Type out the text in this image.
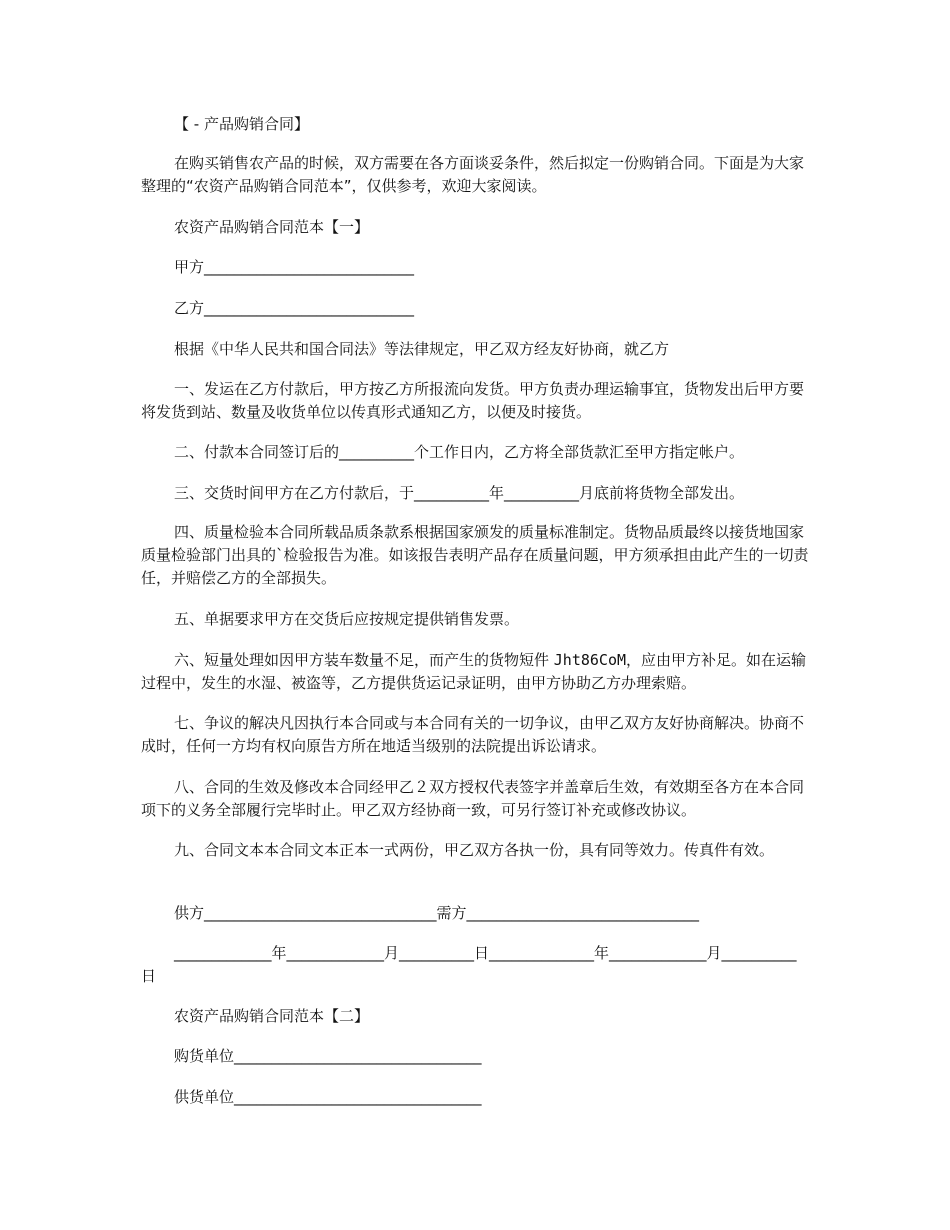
【 - 产品购销合同】

在购买销售农产品的时候，双方需要在各方面谈妥条件，然后拟定一份购销合同。下面是为大家整理的“农资产品购销合同范本”，仅供参考，欢迎大家阅读。

农资产品购销合同范本【一】

甲方____________________________

乙方____________________________

根据《中华人民共和国合同法》等法律规定，甲乙双方经友好协商，就乙方

一、发运在乙方付款后，甲方按乙方所报流向发货。甲方负责办理运输事宜，货物发出后甲方要将发货到站、数量及收货单位以传真形式通知乙方，以便及时接货。

二、付款本合同签订后的__________个工作日内，乙方将全部货款汇至甲方指定帐户。

三、交货时间甲方在乙方付款后，于__________年__________月底前将货物全部发出。

四、质量检验本合同所载品质条款系根据国家颁发的质量标准制定。货物品质最终以接货地国家质量检验部门出具的`检验报告为准。如该报告表明产品存在质量问题，甲方须承担由此产生的一切责任，并赔偿乙方的全部损失。

五、单据要求甲方在交货后应按规定提供销售发票。

六、短量处理如因甲方装车数量不足，而产生的货物短件 Jht86CoM，应由甲方补足。如在运输过程中，发生的水湿、被盗等，乙方提供货运记录证明，由甲方协助乙方办理索赔。

七、争议的解决凡因执行本合同或与本合同有关的一切争议，由甲乙双方友好协商解决。协商不成时，任何一方均有权向原告方所在地适当级别的法院提出诉讼请求。

八、合同的生效及修改本合同经甲乙２双方授权代表签字并盖章后生效，有效期至各方在本合同项下的义务全部履行完毕时止。甲乙双方经协商一致，可另行签订补充或修改协议。

九、合同文本本合同文本正本一式两份，甲乙双方各执一份，具有同等效力。传真件有效。

供方_______________________________需方_______________________________

_____________年_____________月__________日______________年_____________月__________日

农资产品购销合同范本【二】

购货单位_________________________________

供货单位_________________________________
